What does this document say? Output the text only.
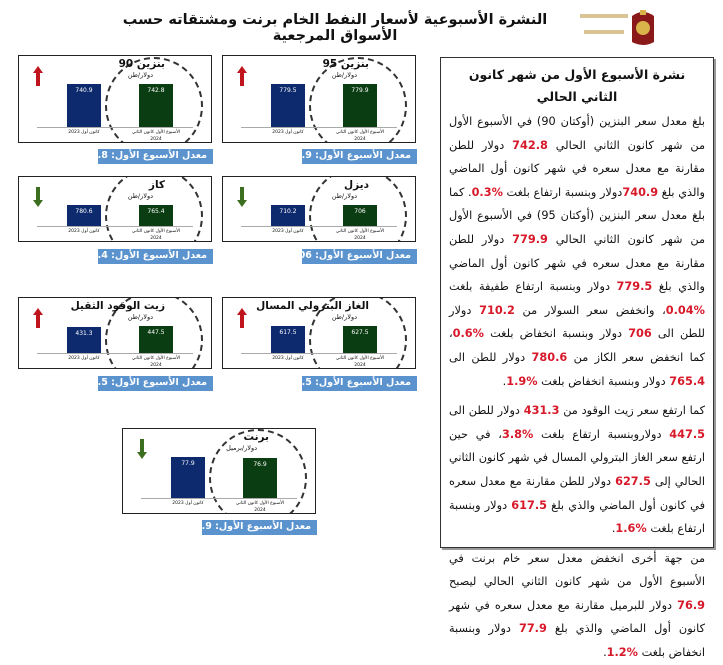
النشرة الأسبوعية لأسعار النفط الخام برنت ومشتقاته حسب الأسواق المرجعية
نشرة الأسبوع الأول من شهر كانون الثاني الحالي

بلغ معدل سعر البنزين (أوكتان 90) في الأسبوع الأول من شهر كانون الثاني الحالي 742.8 دولار للطن مقارنة مع معدل سعره في شهر كانون أول الماضي والذي بلغ 740.9دولار وبنسبة ارتفاع بلغت %0.3. كما بلغ معدل سعر البنزين (أوكتان 95) في الأسبوع الأول من شهر كانون الثاني الحالي 779.9 دولار للطن مقارنة مع معدل سعره في شهر كانون أول الماضي والذي بلغ 779.5 دولار وبنسبة ارتفاع طفيفة بلغت %0.04، وانخفض سعر السولار من 710.2 دولار للطن الى 706 دولار وبنسبة انخفاض بلغت %0.6، كما انخفض سعر الكاز من 780.6 دولار للطن الى 765.4 دولار وبنسبة انخفاض بلغت %1.9.

كما ارتفع سعر زيت الوقود من 431.3 دولار للطن الى 447.5 دولاروبنسبة ارتفاع بلغت %3.8، في حين ارتفع سعر الغاز البترولي المسال في شهر كانون الثاني الحالي إلى 627.5 دولار للطن مقارنة مع معدل سعره في كانون أول الماضي والذي بلغ 617.5 دولار وبنسبة ارتفاع بلغت %1.6.

من جهة أخرى انخفض معدل سعر خام برنت في الأسبوع الأول من شهر كانون الثاني الحالي ليصبح 76.9 دولار للبرميل مقارنة مع معدل سعره في شهر كانون أول الماضي والذي بلغ 77.9 دولار وبنسبة انخفاض بلغت %1.2.

بنزين 90
دولار/طن
740.9
كانون أول 2023
742.8
الأسبوع الأول كانون الثاني 2024
معدل الأسبوع الأول: 742.8
بنزين 95
دولار/طن
779.5
كانون أول 2023
779.9
الأسبوع الأول كانون الثاني 2024
معدل الأسبوع الأول: 779.9
كاز
دولار/طن
780.6
كانون أول 2023
765.4
الأسبوع الأول كانون الثاني 2024
معدل الأسبوع الأول: 765.4
ديزل
دولار/طن
710.2
كانون أول 2023
706
الأسبوع الأول كانون الثاني 2024
معدل الأسبوع الأول: 706
زيت الوقود الثقيل
دولار/طن
431.3
كانون أول 2023
447.5
الأسبوع الأول كانون الثاني 2024
معدل الأسبوع الأول: 447.5
الغاز البترولي المسال
دولار/طن
617.5
كانون أول 2023
627.5
الأسبوع الأول كانون الثاني 2024
معدل الأسبوع الأول: 627.5
برنت
دولار/برميل
77.9
كانون أول 2023
76.9
الأسبوع الأول كانون الثاني 2024
معدل الأسبوع الأول: 76.9
